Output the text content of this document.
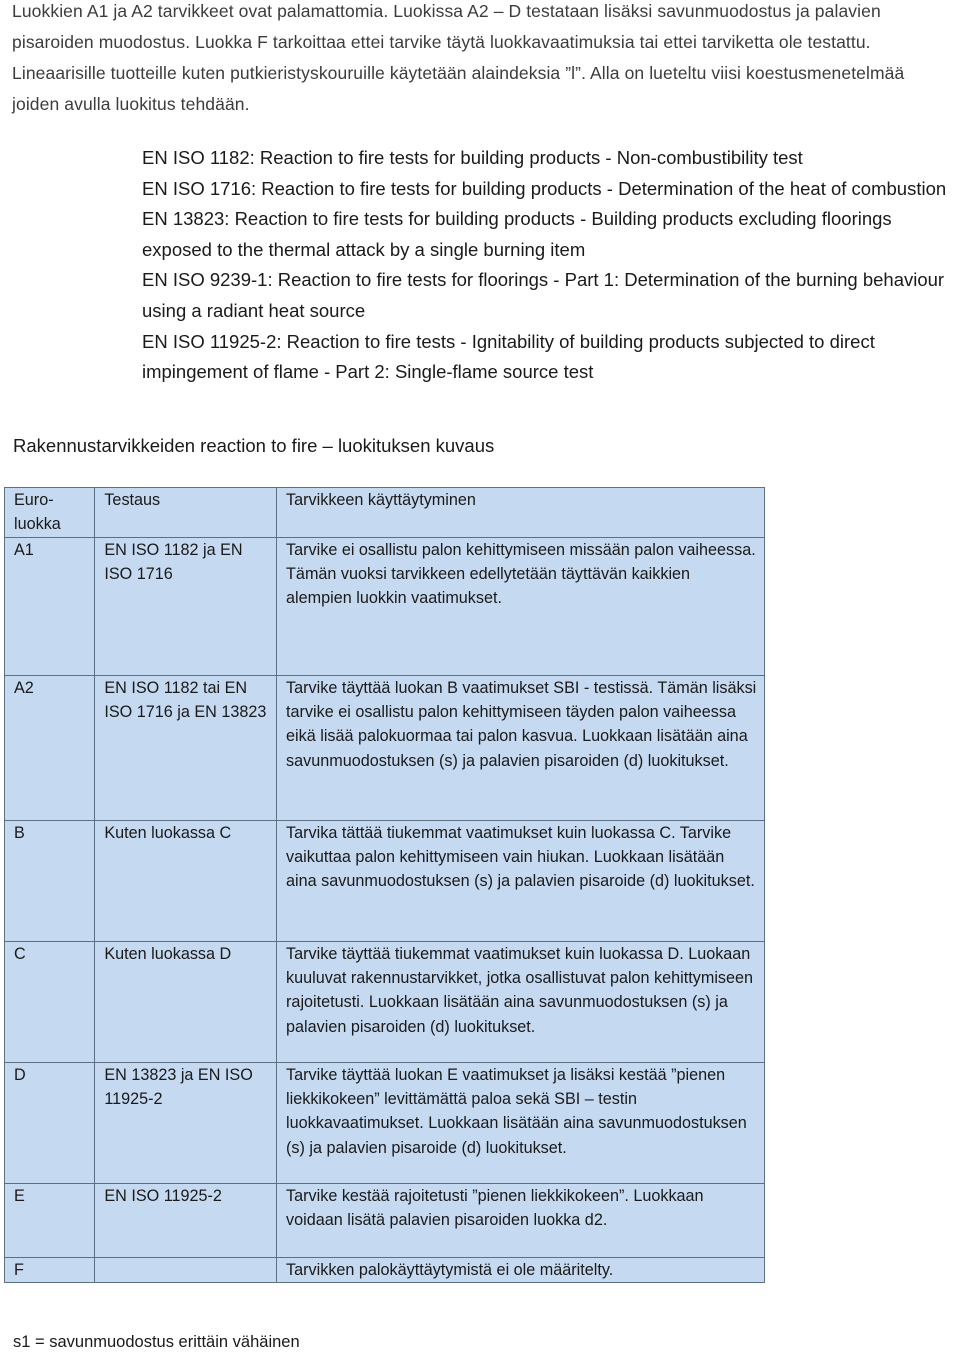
Luokkien A1 ja A2 tarvikkeet ovat palamattomia. Luokissa A2 – D testataan lisäksi savunmuodostus ja palavien pisaroiden muodostus. Luokka F tarkoittaa ettei tarvike täytä luokkavaatimuksia tai ettei tarviketta ole testattu. Lineaarisille tuotteille kuten putkieristyskouruille käytetään alaindeksia ”l”. Alla on lueteltu viisi koestusmenetelmää joiden avulla luokitus tehdään.

EN ISO 1182: Reaction to fire tests for building products - Non-combustibility test
EN ISO 1716: Reaction to fire tests for building products - Determination of the heat of combustion
EN 13823: Reaction to fire tests for building products - Building products excluding floorings exposed to the thermal attack by a single burning item
EN ISO 9239-1: Reaction to fire tests for floorings - Part 1: Determination of the burning behaviour using a radiant heat source
EN ISO 11925-2: Reaction to fire tests - Ignitability of building products subjected to direct impingement of flame - Part 2: Single-flame source test
Rakennustarvikkeiden reaction to fire – luokituksen kuvaus
Euro-luokka	Testaus	Tarvikkeen käyttäytyminen
A1	EN ISO 1182 ja EN ISO 1716	Tarvike ei osallistu palon kehittymiseen missään palon vaiheessa. Tämän vuoksi tarvikkeen edellytetään täyttävän kaikkien alempien luokkin vaatimukset.
A2	EN ISO 1182 tai EN ISO 1716 ja EN 13823	Tarvike täyttää luokan B vaatimukset SBI - testissä. Tämän lisäksi tarvike ei osallistu palon kehittymiseen täyden palon vaiheessa eikä lisää palokuormaa tai palon kasvua. Luokkaan lisätään aina savunmuodostuksen (s) ja palavien pisaroiden (d) luokitukset.
B	Kuten luokassa C	Tarvika tättää tiukemmat vaatimukset kuin luokassa C. Tarvike vaikuttaa palon kehittymiseen vain hiukan. Luokkaan lisätään aina savunmuodostuksen (s) ja palavien pisaroide (d) luokitukset.
C	Kuten luokassa D	Tarvike täyttää tiukemmat vaatimukset kuin luokassa D. Luokaan kuuluvat rakennustarvikket, jotka osallistuvat palon kehittymiseen rajoitetusti. Luokkaan lisätään aina savunmuodostuksen (s) ja palavien pisaroiden (d) luokitukset.
D	EN 13823 ja EN ISO 11925-2	Tarvike täyttää luokan E vaatimukset ja lisäksi kestää ”pienen liekkikokeen” levittämättä paloa sekä SBI – testin luokkavaatimukset. Luokkaan lisätään aina savunmuodostuksen (s) ja palavien pisaroide (d) luokitukset.
E	EN ISO 11925-2	Tarvike kestää rajoitetusti ”pienen liekkikokeen”. Luokkaan voidaan lisätä palavien pisaroiden luokka d2.
F		Tarvikken palokäyttäytymistä ei ole määritelty.
s1 = savunmuodostus erittäin vähäinen
